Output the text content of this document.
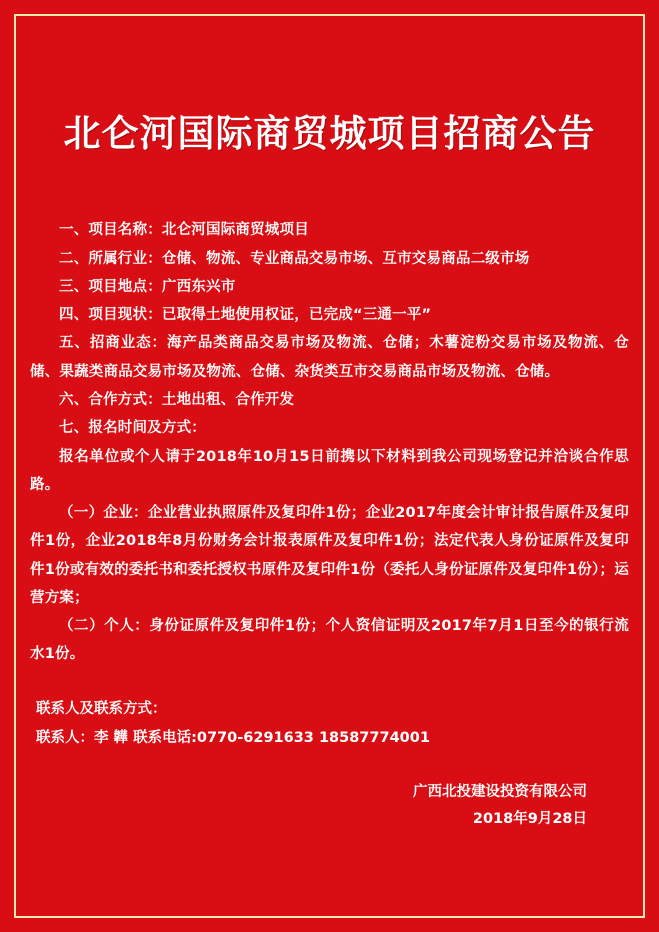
北仑河国际商贸城项目招商公告

一、项目名称：北仑河国际商贸城项目

二、所属行业：仓储、物流、专业商品交易市场、互市交易商品二级市场

三、项目地点：广西东兴市

四、项目现状：已取得土地使用权证，已完成“三通一平”

五、招商业态：海产品类商品交易市场及物流、仓储；木薯淀粉交易市场及物流、仓储、果蔬类商品交易市场及物流、仓储、杂货类互市交易商品市场及物流、仓储。

六、合作方式：土地出租、合作开发

七、报名时间及方式：

报名单位或个人请于2018年10月15日前携以下材料到我公司现场登记并洽谈合作思路。

（一）企业：企业营业执照原件及复印件1份；企业2017年度会计审计报告原件及复印件1份，企业2018年8月份财务会计报表原件及复印件1份；法定代表人身份证原件及复印件1份或有效的委托书和委托授权书原件及复印件1份（委托人身份证原件及复印件1份）；运营方案；

（二）个人：身份证原件及复印件1份；个人资信证明及2017年7月1日至今的银行流水1份。

联系人及联系方式：
联系人：李 韡 联系电话:0770-6291633 18587774001
广西北投建设投资有限公司
2018年9月28日
